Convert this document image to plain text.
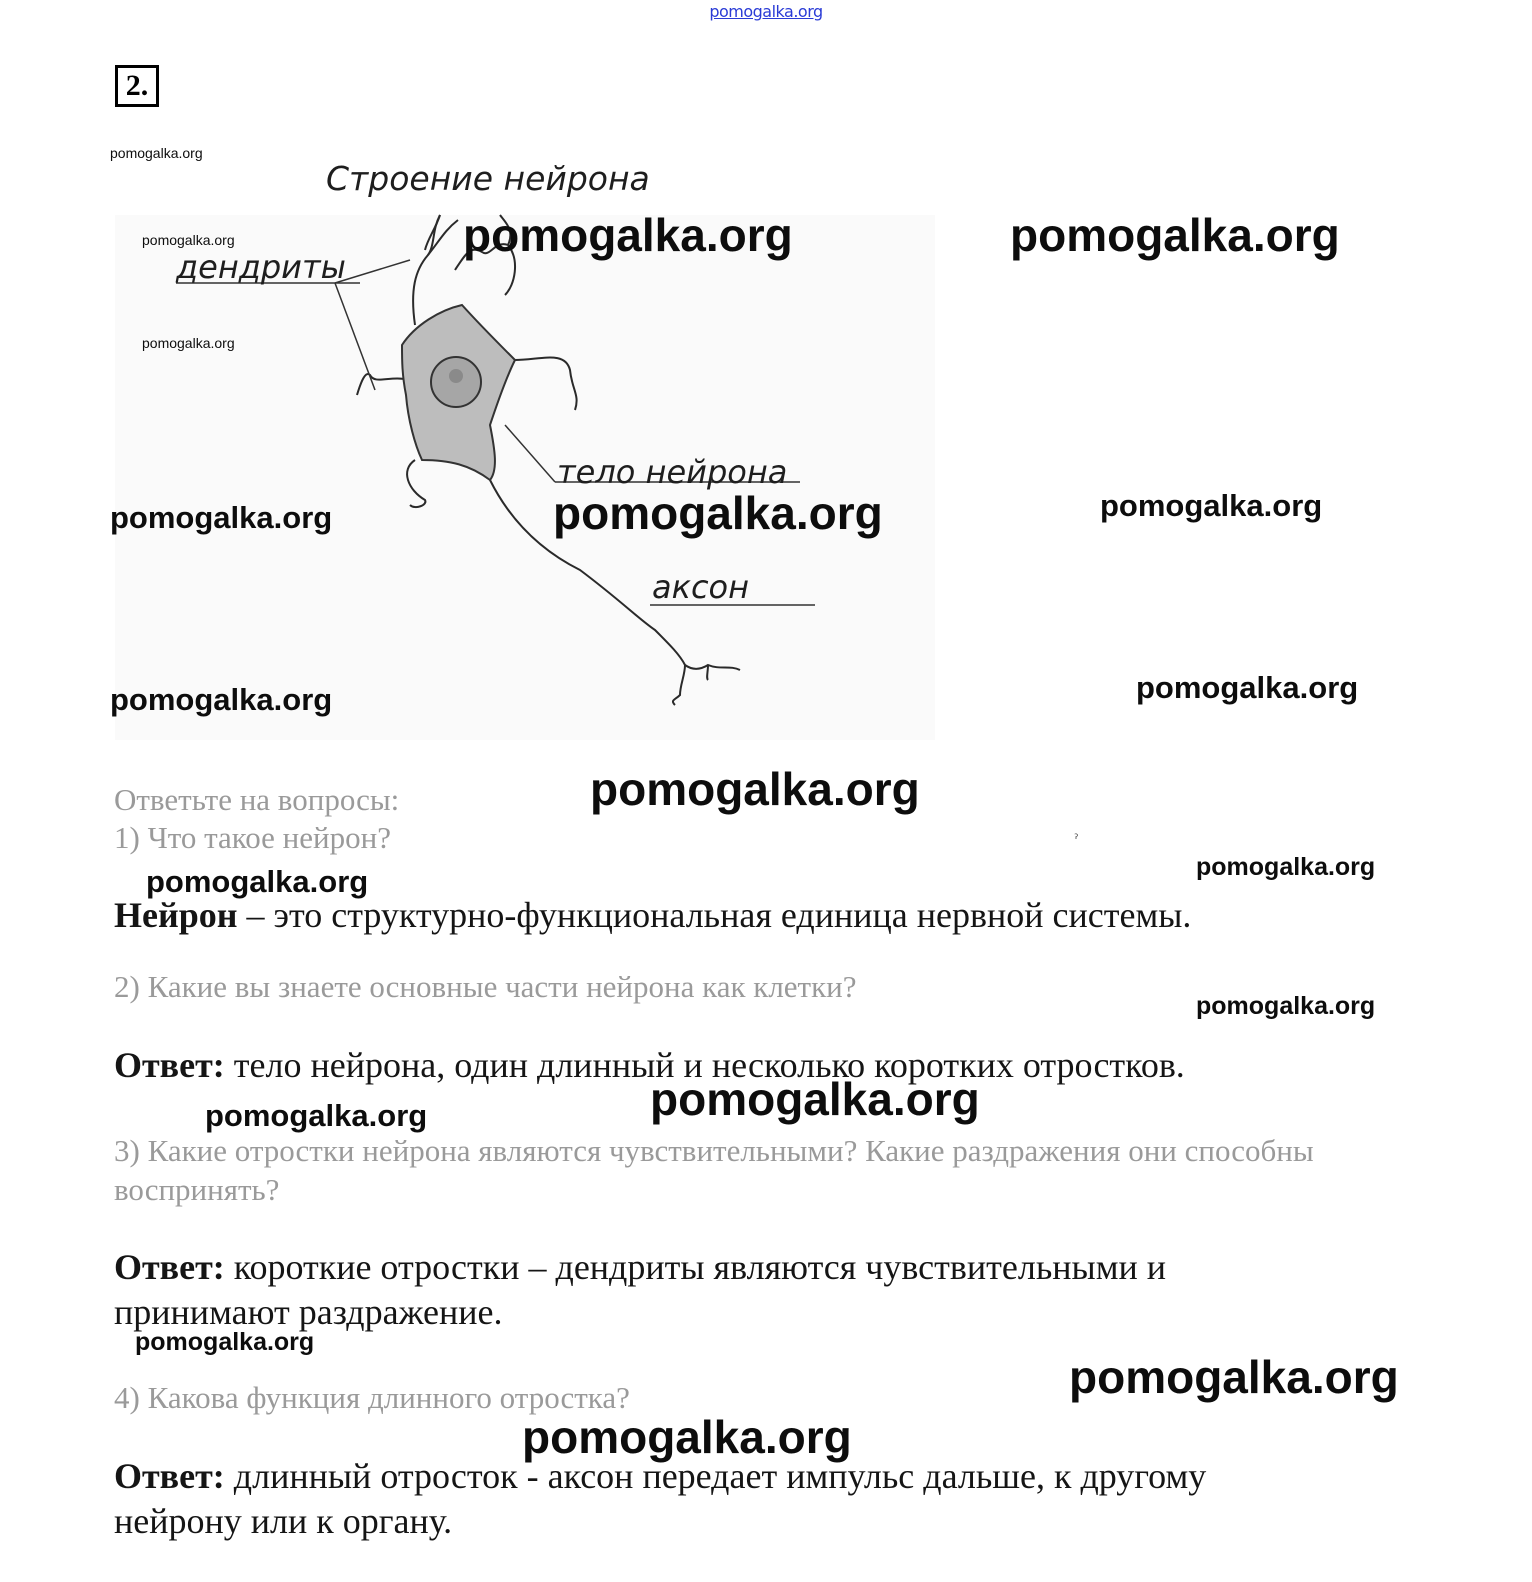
pomogalka.org
2.
Строение нейрона
дендриты
тело нейрона
аксон
pomogalka.org
pomogalka.org
pomogalka.org
pomogalka.org	pomogalka.org
pomogalka.org	pomogalka.org	pomogalka.org
pomogalka.org	pomogalka.org
pomogalka.org
pomogalka.org
pomogalka.org
pomogalka.org
pomogalka.org
pomogalka.org
pomogalka.org
pomogalka.org
pomogalka.org
ˀ
Ответьте на вопросы:
1) Что такое нейрон?
Нейрон – это структурно-функциональная единица нервной системы.
2) Какие вы знаете основные части нейрона как клетки?
Ответ: тело нейрона, один длинный и несколько коротких отростков.
3) Какие отростки нейрона являются чувствительными? Какие раздражения они способны
воспринять?
Ответ: короткие отростки – дендриты являются чувствительными и
принимают раздражение.
4) Какова функция длинного отростка?
Ответ: длинный отросток - аксон передает импульс дальше, к другому
нейрону или к органу.
